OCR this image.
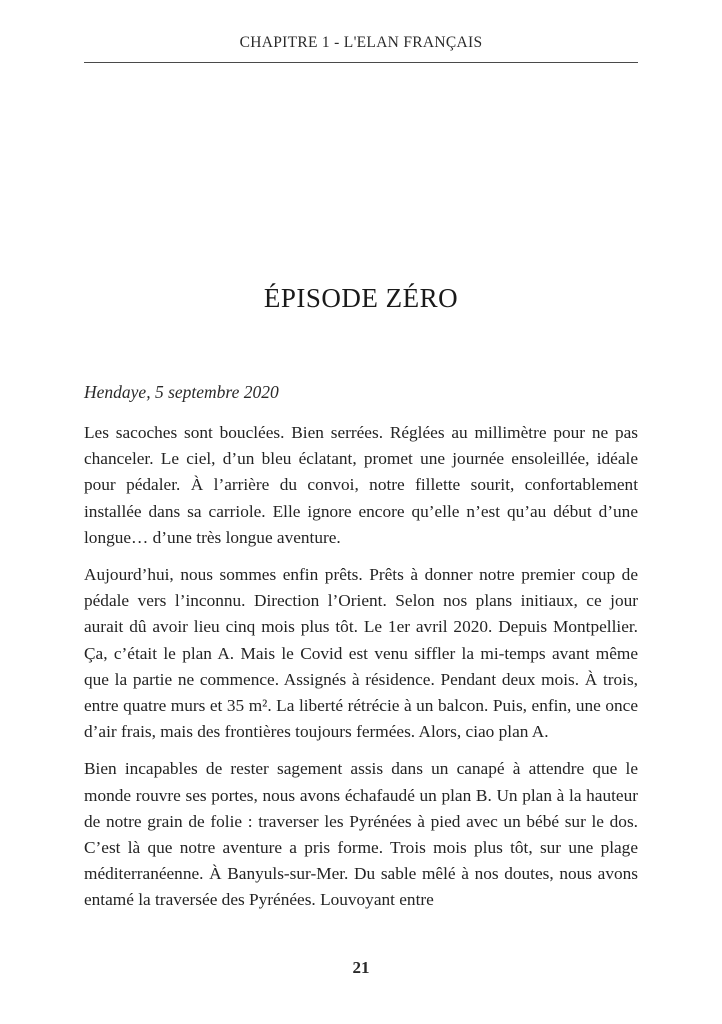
CHAPITRE 1 - L'ELAN FRANÇAIS
ÉPISODE ZÉRO
Hendaye, 5 septembre 2020

Les sacoches sont bouclées. Bien serrées. Réglées au millimètre pour ne pas chanceler. Le ciel, d’un bleu éclatant, promet une journée ensoleillée, idéale pour pédaler. À l’arrière du convoi, notre fillette sourit, confortablement installée dans sa carriole. Elle ignore encore qu’elle n’est qu’au début d’une longue… d’une très longue aventure.

Aujourd’hui, nous sommes enfin prêts. Prêts à donner notre premier coup de pédale vers l’inconnu. Direction l’Orient. Selon nos plans initiaux, ce jour aurait dû avoir lieu cinq mois plus tôt. Le 1er avril 2020. Depuis Montpellier. Ça, c’était le plan A. Mais le Covid est venu siffler la mi-temps avant même que la partie ne commence. Assignés à résidence. Pendant deux mois. À trois, entre quatre murs et 35 m². La liberté rétrécie à un balcon. Puis, enfin, une once d’air frais, mais des frontières toujours fermées. Alors, ciao plan A.

Bien incapables de rester sagement assis dans un canapé à attendre que le monde rouvre ses portes, nous avons échafaudé un plan B. Un plan à la hauteur de notre grain de folie : traverser les Pyrénées à pied avec un bébé sur le dos. C’est là que notre aventure a pris forme. Trois mois plus tôt, sur une plage méditerranéenne. À Banyuls-sur-Mer. Du sable mêlé à nos doutes, nous avons entamé la traversée des Pyrénées. Louvoyant entre

21
